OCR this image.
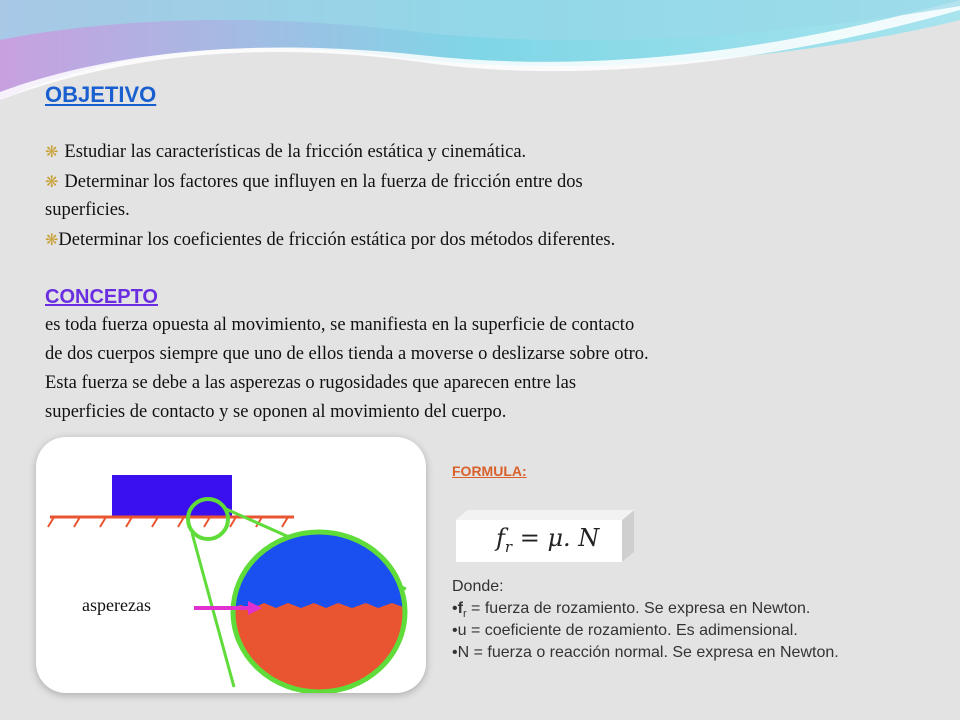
OBJETIVO
❋ Estudiar las características de la fricción estática y cinemática.
❋ Determinar los factores que influyen en la fuerza de fricción entre dos
superficies.
❋Determinar los coeficientes de fricción estática por dos métodos diferentes.
CONCEPTO
es toda fuerza opuesta al movimiento, se manifiesta en la superficie de contacto
de dos cuerpos siempre que uno de ellos tienda a moverse o deslizarse sobre otro.
Esta fuerza se debe a las asperezas o rugosidades que aparecen entre las
superficies de contacto y se oponen al movimiento del cuerpo.
asperezas
FORMULA:
$f_r = \mu$. N
Donde:
$•f_r$ = fuerza de rozamiento. Se expresa en Newton.
•u = coeficiente de rozamiento. Es adimensional.
•N = fuerza o reacción normal. Se expresa en Newton.
